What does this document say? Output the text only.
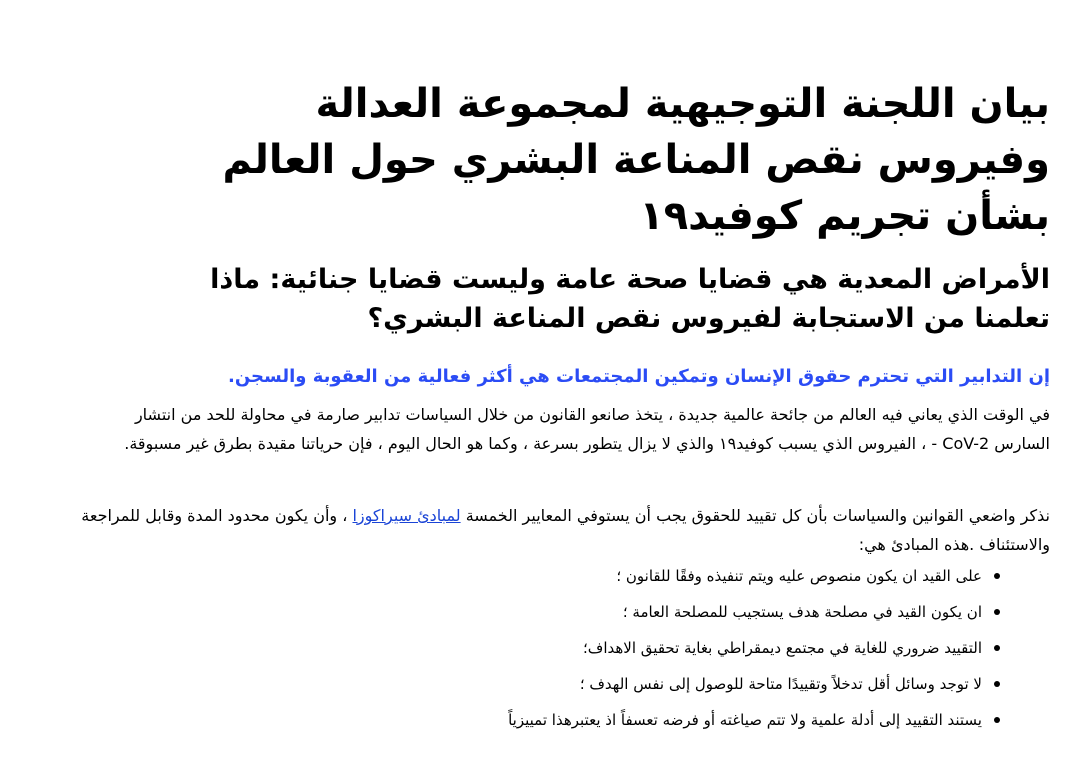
بيان اللجنة التوجيهية لمجموعة العدالة وفيروس نقص المناعة البشري حول العالم بشأن تجريم كوفيد١٩
الأمراض المعدية هي قضايا صحة عامة وليست قضايا جنائية: ماذا تعلمنا من الاستجابة لفيروس نقص المناعة البشري؟

إن التدابير التي تحترم حقوق الإنسان وتمكين المجتمعات هي أكثر فعالية من العقوبة والسجن.

في الوقت الذي يعاني فيه العالم من جائحة عالمية جديدة ، يتخذ صانعو القانون من خلال السياسات تدابير صارمة في محاولة للحد من انتشار السارس CoV-2 - ، الفيروس الذي يسبب كوفيد١٩ والذي لا يزال يتطور بسرعة ، وكما هو الحال اليوم ، فإن حرياتنا مقيدة بطرق غير مسبوقة.

نذكر واضعي القوانين والسياسات بأن كل تقييد للحقوق يجب أن يستوفي المعايير الخمسة لمبادئ سيراكوزا ، وأن يكون محدود المدة وقابل للمراجعة والاستئناف .هذه المبادئ هي:

على القيد ان يكون منصوص عليه ويتم تنفيذه وفقًا للقانون ؛
ان يكون القيد في مصلحة هدف يستجيب للمصلحة العامة ؛
التقييد ضروري للغاية في مجتمع ديمقراطي بغاية تحقيق الاهداف؛
لا توجد وسائل أقل تدخلاً وتقييدًا متاحة للوصول إلى نفس الهدف ؛
يستند التقييد إلى أدلة علمية ولا تتم صياغته أو فرضه تعسفاً اذ يعتبرهذا تمييزياً
